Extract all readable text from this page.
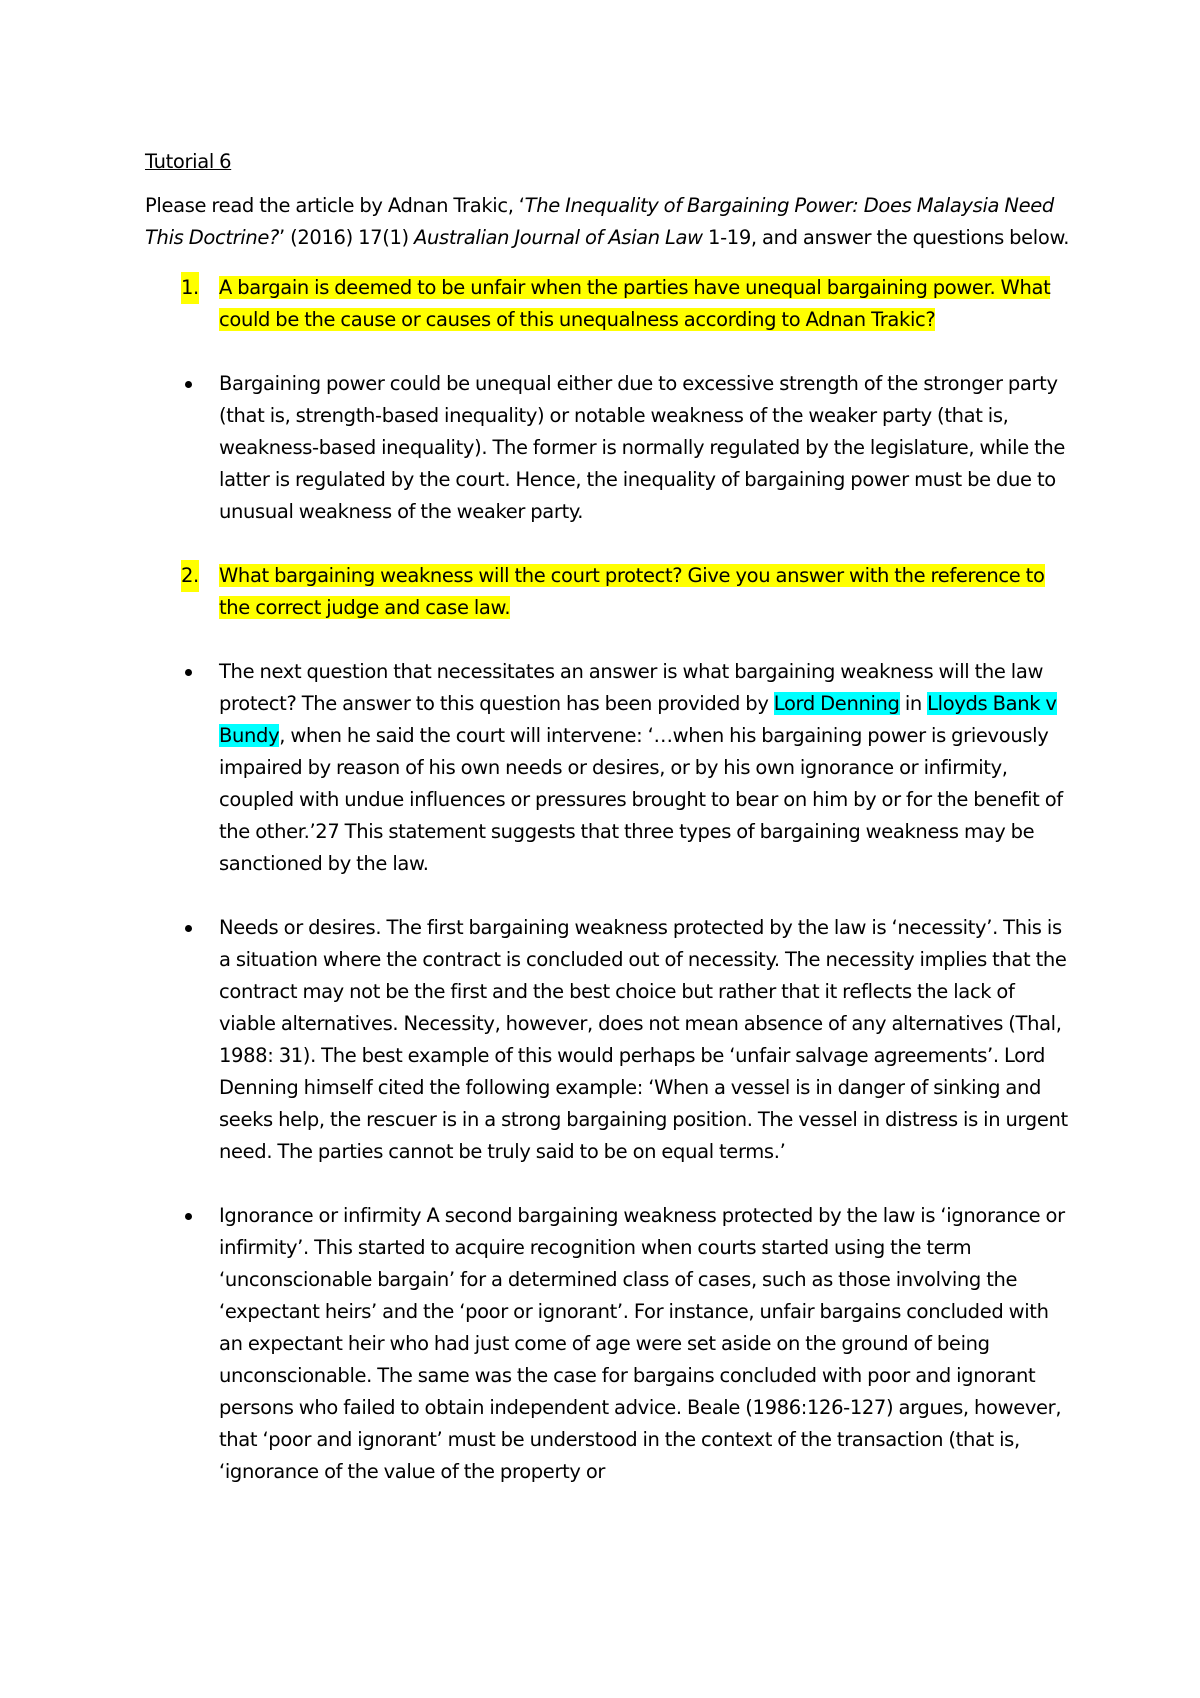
Tutorial 6
Please read the article by Adnan Trakic, ‘The Inequality of Bargaining Power: Does Malaysia Need This Doctrine?’ (2016) 17(1) Australian Journal of Asian Law 1-19, and answer the questions below.
1. A bargain is deemed to be unfair when the parties have unequal bargaining power. What could be the cause or causes of this unequalness according to Adnan Trakic?
Bargaining power could be unequal either due to excessive strength of the stronger party (that is, strength-based inequality) or notable weakness of the weaker party (that is, weakness-based inequality). The former is normally regulated by the legislature, while the latter is regulated by the court. Hence, the inequality of bargaining power must be due to unusual weakness of the weaker party.
2. What bargaining weakness will the court protect? Give you answer with the reference to the correct judge and case law.
The next question that necessitates an answer is what bargaining weakness will the law protect? The answer to this question has been provided by Lord Denning in Lloyds Bank v Bundy, when he said the court will intervene: ‘…when his bargaining power is grievously impaired by reason of his own needs or desires, or by his own ignorance or infirmity, coupled with undue influences or pressures brought to bear on him by or for the benefit of the other.’27 This statement suggests that three types of bargaining weakness may be sanctioned by the law.
Needs or desires. The first bargaining weakness protected by the law is ‘necessity’. This is a situation where the contract is concluded out of necessity. The necessity implies that the contract may not be the first and the best choice but rather that it reflects the lack of viable alternatives. Necessity, however, does not mean absence of any alternatives (Thal, 1988: 31). The best example of this would perhaps be ‘unfair salvage agreements’. Lord Denning himself cited the following example: ‘When a vessel is in danger of sinking and seeks help, the rescuer is in a strong bargaining position. The vessel in distress is in urgent need. The parties cannot be truly said to be on equal terms.’
Ignorance or infirmity A second bargaining weakness protected by the law is ‘ignorance or infirmity’. This started to acquire recognition when courts started using the term ‘unconscionable bargain’ for a determined class of cases, such as those involving the ‘expectant heirs’ and the ‘poor or ignorant’. For instance, unfair bargains concluded with an expectant heir who had just come of age were set aside on the ground of being unconscionable. The same was the case for bargains concluded with poor and ignorant persons who failed to obtain independent advice. Beale (1986:126-127) argues, however, that ‘poor and ignorant’ must be understood in the context of the transaction (that is, ‘ignorance of the value of the property or
